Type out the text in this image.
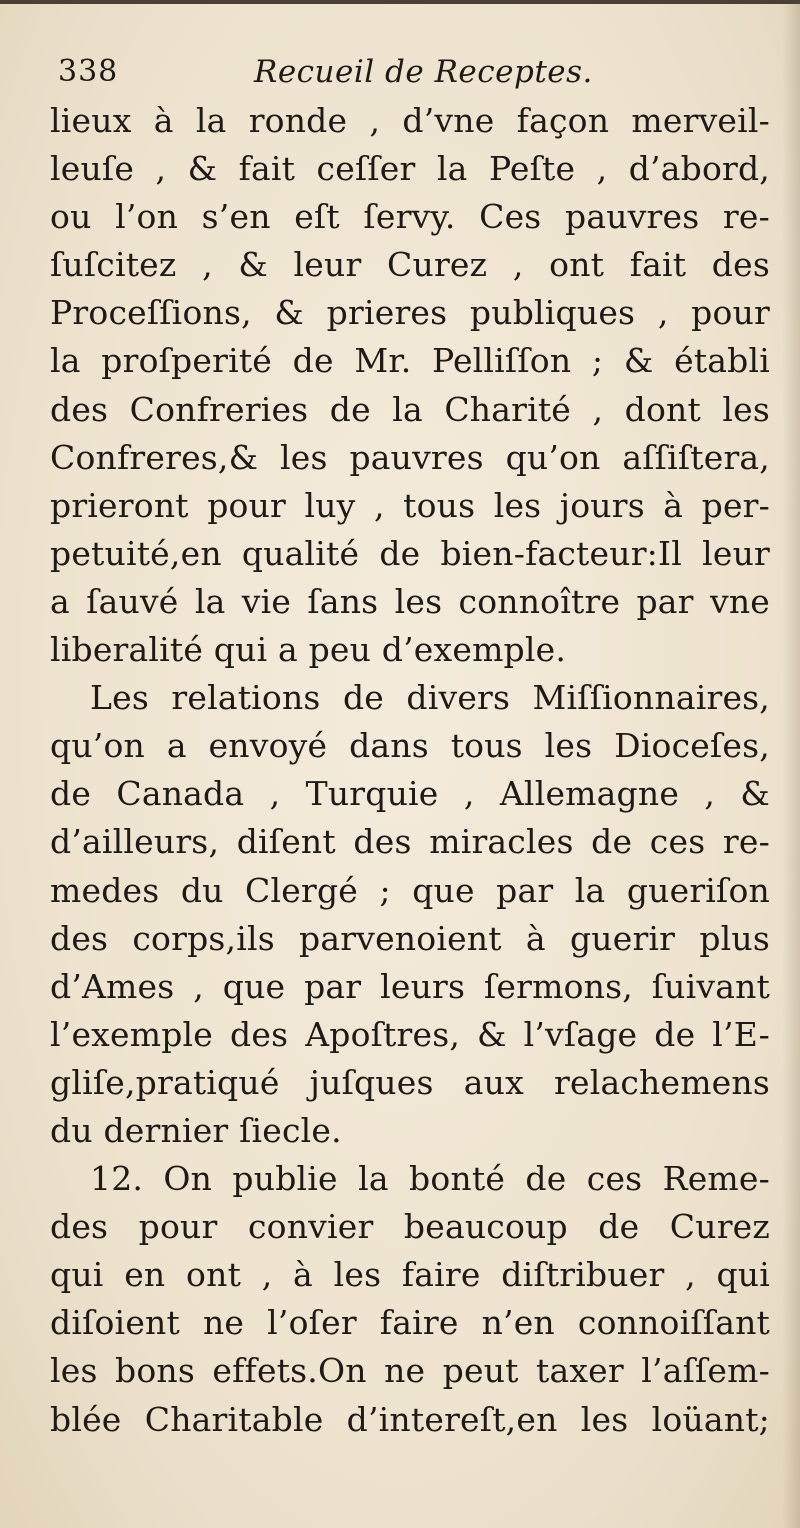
338	Recueil de Receptes.
lieux à la ronde , d’vne façon merveil-
leuſe , & fait ceſſer la Peſte , d’abord,
ou l’on s’en eſt ſervy. Ces pauvres re-
ſuſcitez , & leur Curez , ont fait des
Proceſſions, & prieres publiques , pour
la proſperité de Mr. Pelliſſon ; & établi
des Confreries de la Charité , dont les
Confreres,& les pauvres qu’on aſſiſtera,
prieront pour luy , tous les jours à per-
petuité,en qualité de bien-facteur:Il leur
a ſauvé la vie ſans les connoître par vne
liberalité qui a peu d’exemple.
Les relations de divers Miſſionnaires,
qu’on a envoyé dans tous les Dioceſes,
de Canada , Turquie , Allemagne , &
d’ailleurs, diſent des miracles de ces re-
medes du Clergé ; que par la gueriſon
des corps,ils parvenoient à guerir plus
d’Ames , que par leurs ſermons, ſuivant
l’exemple des Apoſtres, & l’vſage de l’E-
gliſe,pratiqué juſques aux relachemens
du dernier ſiecle.
12. On publie la bonté de ces Reme-
des pour convier beaucoup de Curez
qui en ont , à les faire diſtribuer , qui
diſoient ne l’oſer faire n’en connoiſſant
les bons effets.On ne peut taxer l’aſſem-
blée Charitable d’intereſt,en les loüant;
